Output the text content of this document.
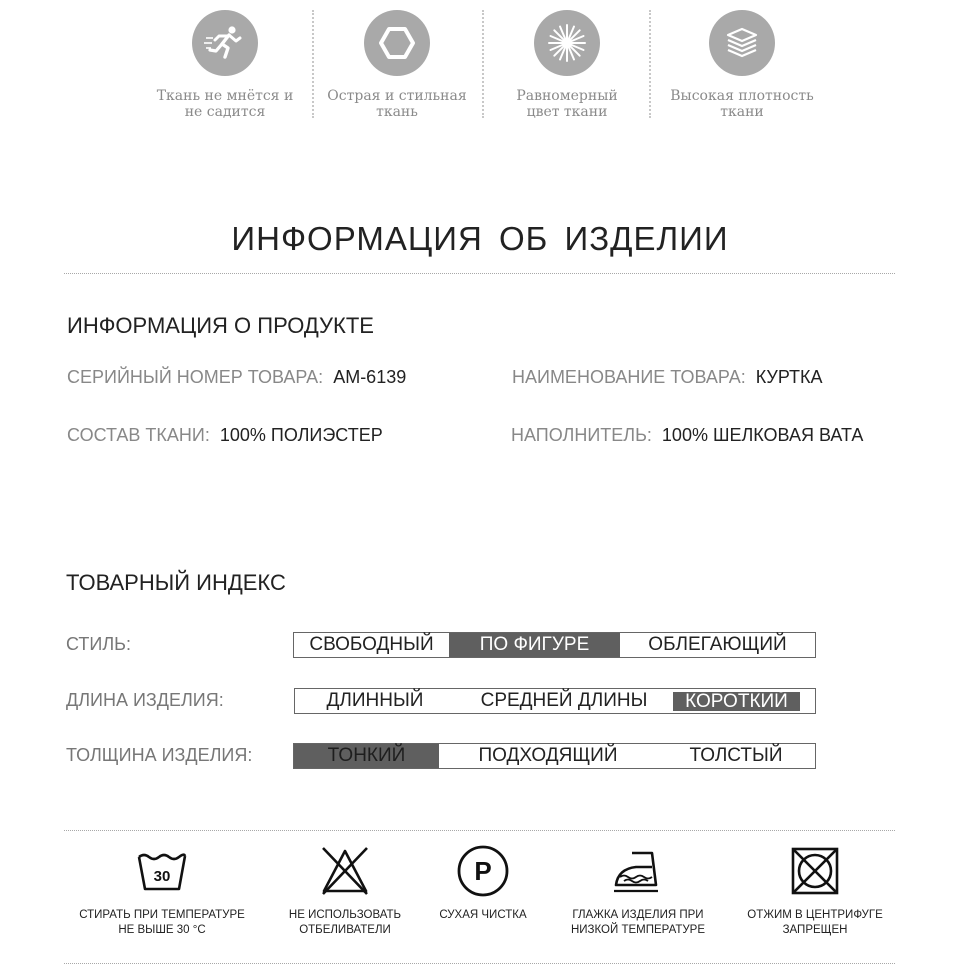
Ткань не мнётся и
не садится
Острая и стильная
ткань
Равномерный
цвет ткани
Высокая плотность
ткани
ИНФОРМАЦИЯ ОБ ИЗДЕЛИИ
ИНФОРМАЦИЯ О ПРОДУКТЕ
СЕРИЙНЫЙ НОМЕР ТОВАРА: AM-6139	НАИМЕНОВАНИЕ ТОВАРА: КУРТКА
СОСТАВ ТКАНИ: 100% ПОЛИЭСТЕР	НАПОЛНИТЕЛЬ: 100% ШЕЛКОВАЯ ВАТА
ТОВАРНЫЙ ИНДЕКС
СТИЛЬ:	СВОБОДНЫЙ	ПО ФИГУРЕ	ОБЛЕГАЮЩИЙ
ДЛИНА ИЗДЕЛИЯ:	ДЛИННЫЙ	СРЕДНЕЙ ДЛИНЫ	КОРОТКИЙ
ТОЛЩИНА ИЗДЕЛИЯ:	ТОНКИЙ	ПОДХОДЯЩИЙ	ТОЛСТЫЙ
30
СТИРАТЬ ПРИ ТЕМПЕРАТУРЕ
НЕ ВЫШЕ 30 °C
НЕ ИСПОЛЬЗОВАТЬ
ОТБЕЛИВАТЕЛИ
P
СУХАЯ ЧИСТКА	ГЛАЖКА ИЗДЕЛИЯ ПРИ
НИЗКОЙ ТЕМПЕРАТУРЕ
ОТЖИМ В ЦЕНТРИФУГЕ
ЗАПРЕЩЕН
